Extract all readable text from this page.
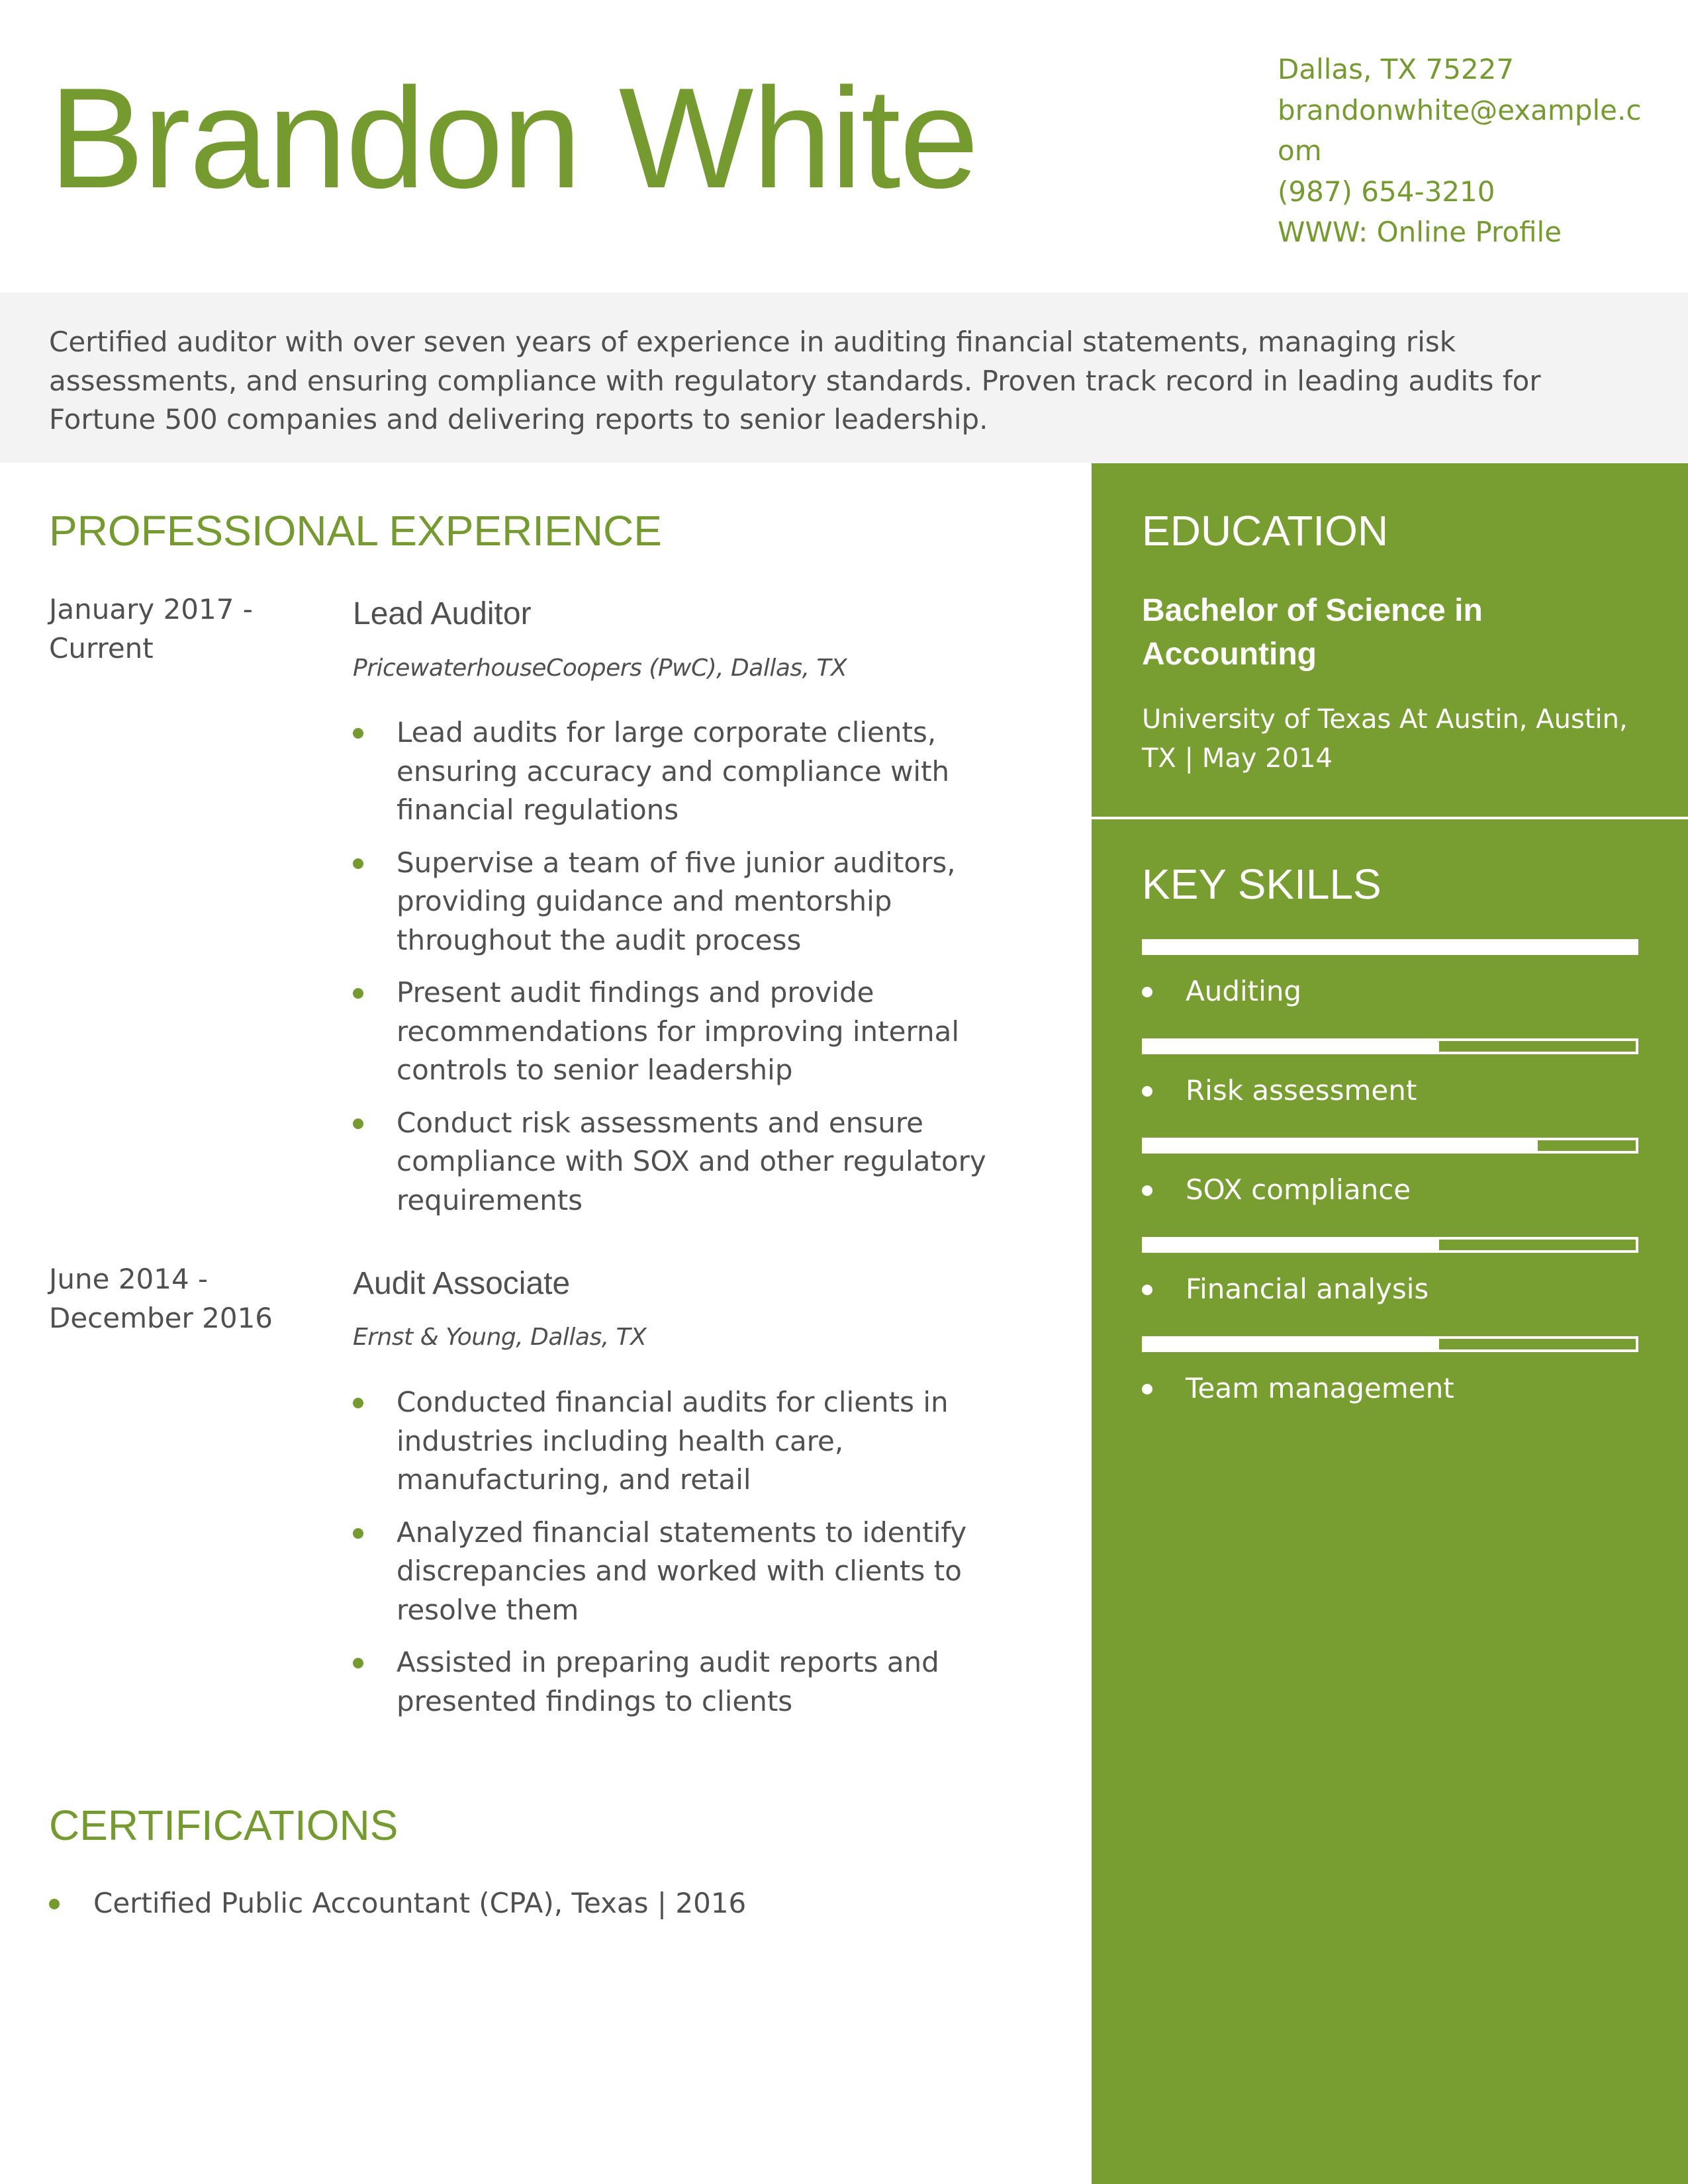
Brandon White	Dallas, TX 75227
brandonwhite@example.com
(987) 654-3210
WWW: Online Profile
Certified auditor with over seven years of experience in auditing financial statements, managing risk assessments, and ensuring compliance with regulatory standards. Proven track record in leading audits for Fortune 500 companies and delivering reports to senior leadership.
PROFESSIONAL EXPERIENCE
January 2017 - Current
Lead Auditor
PricewaterhouseCoopers (PwC), Dallas, TX
Lead audits for large corporate clients, ensuring accuracy and compliance with financial regulations
Supervise a team of five junior auditors, providing guidance and mentorship throughout the audit process
Present audit findings and provide recommendations for improving internal controls to senior leadership
Conduct risk assessments and ensure compliance with SOX and other regulatory requirements
June 2014 - December 2016
Audit Associate
Ernst & Young, Dallas, TX
Conducted financial audits for clients in industries including health care, manufacturing, and retail
Analyzed financial statements to identify discrepancies and worked with clients to resolve them
Assisted in preparing audit reports and presented findings to clients
CERTIFICATIONS
Certified Public Accountant (CPA), Texas | 2016
EDUCATION
Bachelor of Science in Accounting
University of Texas At Austin, Austin, TX | May 2014
KEY SKILLS
Auditing
Risk assessment
SOX compliance
Financial analysis
Team management
